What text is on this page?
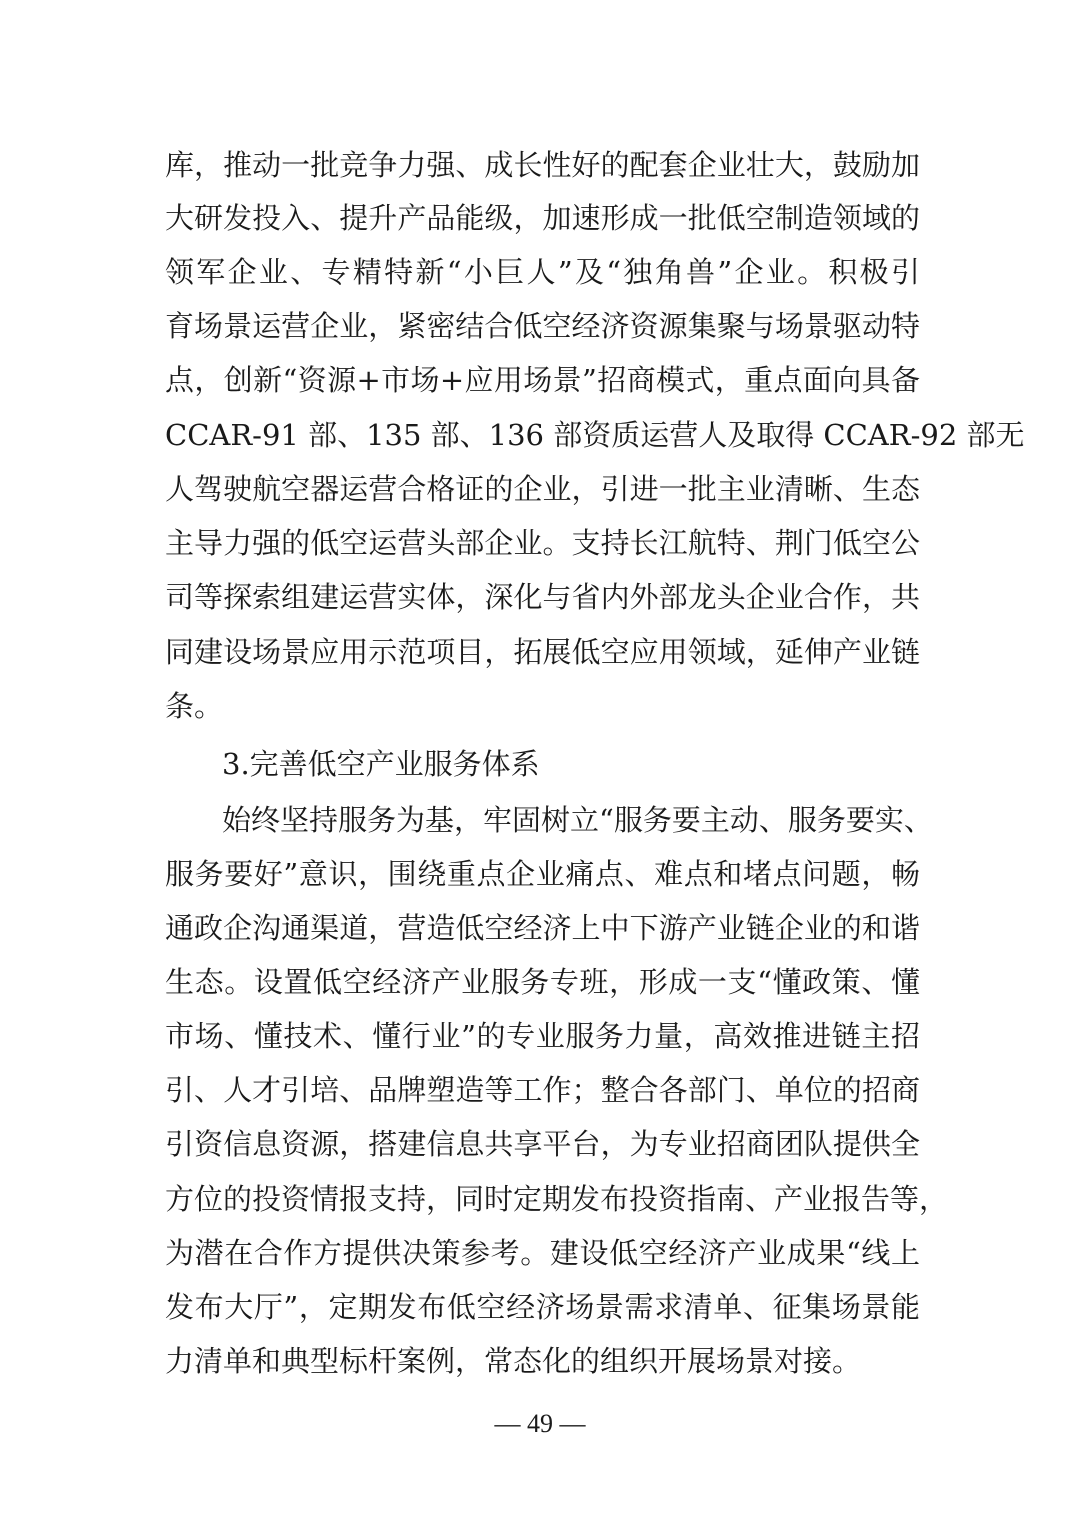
库，推动一批竞争力强、成长性好的配套企业壮大，鼓励加
大研发投入、提升产品能级，加速形成一批低空制造领域的
领军企业、专精特新“小巨人”及“独角兽”企业。积极引
育场景运营企业，紧密结合低空经济资源集聚与场景驱动特
点，创新“资源+市场+应用场景”招商模式，重点面向具备
CCAR-91 部、135 部、136 部资质运营人及取得 CCAR-92 部无
人驾驶航空器运营合格证的企业，引进一批主业清晰、生态
主导力强的低空运营头部企业。支持长江航特、荆门低空公
司等探索组建运营实体，深化与省内外部龙头企业合作，共
同建设场景应用示范项目，拓展低空应用领域，延伸产业链
条。
3.完善低空产业服务体系
始终坚持服务为基，牢固树立“服务要主动、服务要实、
服务要好”意识，围绕重点企业痛点、难点和堵点问题，畅
通政企沟通渠道，营造低空经济上中下游产业链企业的和谐
生态。设置低空经济产业服务专班，形成一支“懂政策、懂
市场、懂技术、懂行业”的专业服务力量，高效推进链主招
引、人才引培、品牌塑造等工作；整合各部门、单位的招商
引资信息资源，搭建信息共享平台，为专业招商团队提供全
方位的投资情报支持，同时定期发布投资指南、产业报告等，
为潜在合作方提供决策参考。建设低空经济产业成果“线上
发布大厅”，定期发布低空经济场景需求清单、征集场景能
力清单和典型标杆案例，常态化的组织开展场景对接。
— 49 —
